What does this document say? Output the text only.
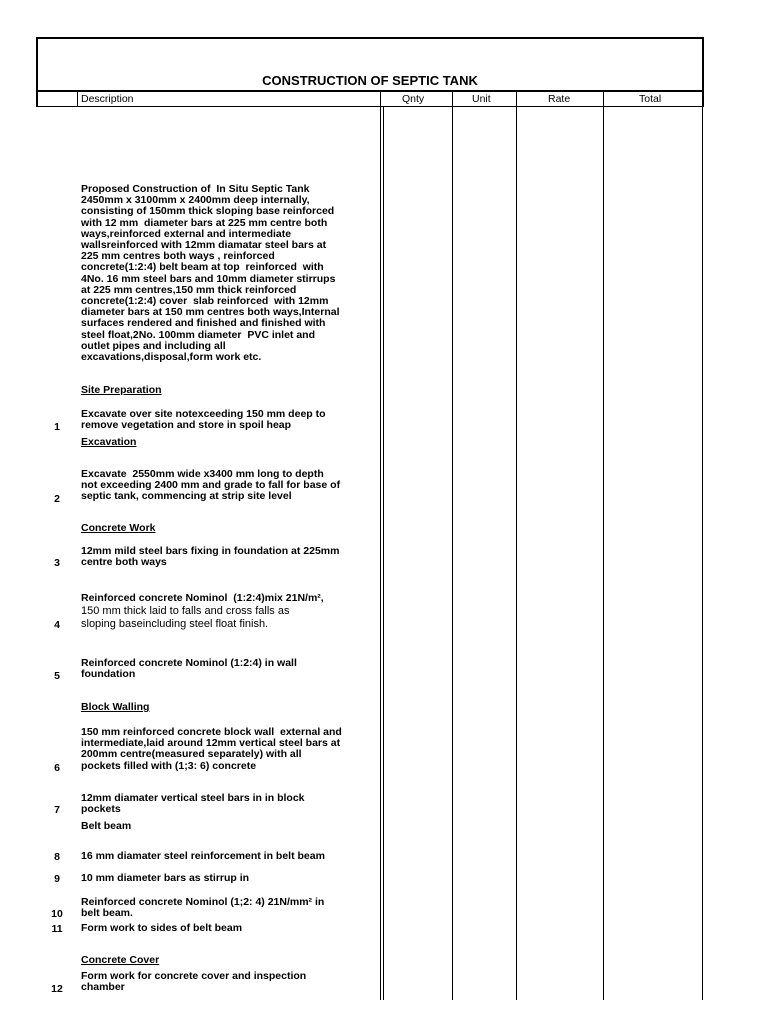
CONSTRUCTION OF SEPTIC TANK
Description	Qnty	Unit	Rate	Total
Proposed Construction of  In Situ Septic Tank
2450mm x 3100mm x 2400mm deep internally,
consisting of 150mm thick sloping base reinforced
with 12 mm  diameter bars at 225 mm centre both
ways,reinforced external and intermediate
wallsreinforced with 12mm diamatar steel bars at
225 mm centres both ways , reinforced
concrete(1:2:4) belt beam at top  reinforced  with
4No. 16 mm steel bars and 10mm diameter stirrups
at 225 mm centres,150 mm thick reinforced
concrete(1:2:4) cover  slab reinforced  with 12mm
diameter bars at 150 mm centres both ways,Internal
surfaces rendered and finished and finished with
steel float,2No. 100mm diameter  PVC inlet and
outlet pipes and including all
excavations,disposal,form work etc.
Site Preparation
Excavate over site notexceeding 150 mm deep to
remove vegetation and store in spoil heap
1
Excavation
Excavate  2550mm wide x3400 mm long to depth
not exceeding 2400 mm and grade to fall for base of
septic tank, commencing at strip site level
2
Concrete Work
12mm mild steel bars fixing in foundation at 225mm
centre both ways
3
Reinforced concrete Nominol  (1:2:4)mix 21N/m²,
150 mm thick laid to falls and cross falls as
sloping baseincluding steel float finish.
4
Reinforced concrete Nominol (1:2:4) in wall
foundation
5
Block Walling
150 mm reinforced concrete block wall  external and
intermediate,laid around 12mm vertical steel bars at
200mm centre(measured separately) with all
pockets filled with (1;3: 6) concrete
6
12mm diamater vertical steel bars in in block
pockets
7
Belt beam
16 mm diamater steel reinforcement in belt beam
8
10 mm diameter bars as stirrup in
9
Reinforced concrete Nominol (1;2: 4) 21N/mm² in
belt beam.
10
Form work to sides of belt beam
11
Concrete Cover
Form work for concrete cover and inspection
chamber
12
